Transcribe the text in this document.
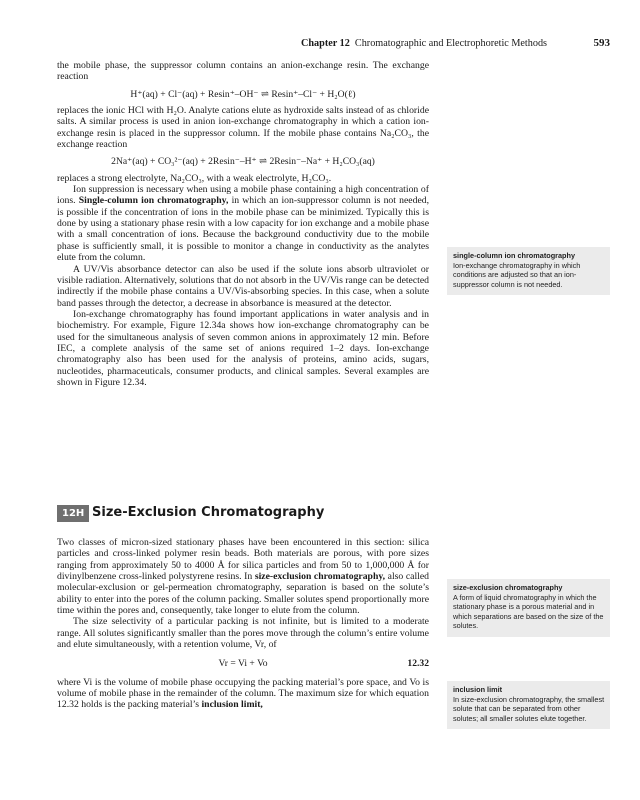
Chapter 12 Chromatographic and Electrophoretic Methods	593

the mobile phase, the suppressor column contains an anion-exchange resin. The exchange reaction

H⁺(aq) + Cl⁻(aq) + Resin⁺–OH⁻ ⇌ Resin⁺–Cl⁻ + H₂O(ℓ)

replaces the ionic HCl with H₂O. Analyte cations elute as hydroxide salts instead of as chloride salts. A similar process is used in anion ion-exchange chromatography in which a cation ion-exchange resin is placed in the suppressor column. If the mobile phase contains Na₂CO₃, the exchange reaction

2Na⁺(aq) + CO₃²⁻(aq) + 2Resin⁻–H⁺ ⇌ 2Resin⁻–Na⁺ + H₂CO₃(aq)

replaces a strong electrolyte, Na₂CO₃, with a weak electrolyte, H₂CO₃.

Ion suppression is necessary when using a mobile phase containing a high concentration of ions. Single-column ion chromatography, in which an ion-suppressor column is not needed, is possible if the concentration of ions in the mobile phase can be minimized. Typically this is done by using a stationary phase resin with a low capacity for ion exchange and a mobile phase with a small concentration of ions. Because the background conductivity due to the mobile phase is sufficiently small, it is possible to monitor a change in conductivity as the analytes elute from the column.

A UV/Vis absorbance detector can also be used if the solute ions absorb ultraviolet or visible radiation. Alternatively, solutions that do not absorb in the UV/Vis range can be detected indirectly if the mobile phase contains a UV/Vis-absorbing species. In this case, when a solute band passes through the detector, a decrease in absorbance is measured at the detector.

Ion-exchange chromatography has found important applications in water analysis and in biochemistry. For example, Figure 12.34a shows how ion-exchange chromatography can be used for the simultaneous analysis of seven common anions in approximately 12 min. Before IEC, a complete analysis of the same set of anions required 1–2 days. Ion-exchange chromatography also has been used for the analysis of proteins, amino acids, sugars, nucleotides, pharmaceuticals, consumer products, and clinical samples. Several examples are shown in Figure 12.34.

12H Size-Exclusion Chromatography

Two classes of micron-sized stationary phases have been encountered in this section: silica particles and cross-linked polymer resin beads. Both materials are porous, with pore sizes ranging from approximately 50 to 4000 Å for silica particles and from 50 to 1,000,000 Å for divinylbenzene cross-linked polystyrene resins. In size-exclusion chromatography, also called molecular-exclusion or gel-permeation chromatography, separation is based on the solute’s ability to enter into the pores of the column packing. Smaller solutes spend proportionally more time within the pores and, consequently, take longer to elute from the column.

The size selectivity of a particular packing is not infinite, but is limited to a moderate range. All solutes significantly smaller than the pores move through the column’s entire volume and elute simultaneously, with a retention volume, Vr, of

Vr = Vi + Vo	12.32

where Vi is the volume of mobile phase occupying the packing material’s pore space, and Vo is volume of mobile phase in the remainder of the column. The maximum size for which equation 12.32 holds is the packing material’s inclusion limit,

single-column ion chromatography
Ion-exchange chromatography in which conditions are adjusted so that an ion-suppressor column is not needed.
size-exclusion chromatography
A form of liquid chromatography in which the stationary phase is a porous material and in which separations are based on the size of the solutes.
inclusion limit
In size-exclusion chromatography, the smallest solute that can be separated from other solutes; all smaller solutes elute together.
